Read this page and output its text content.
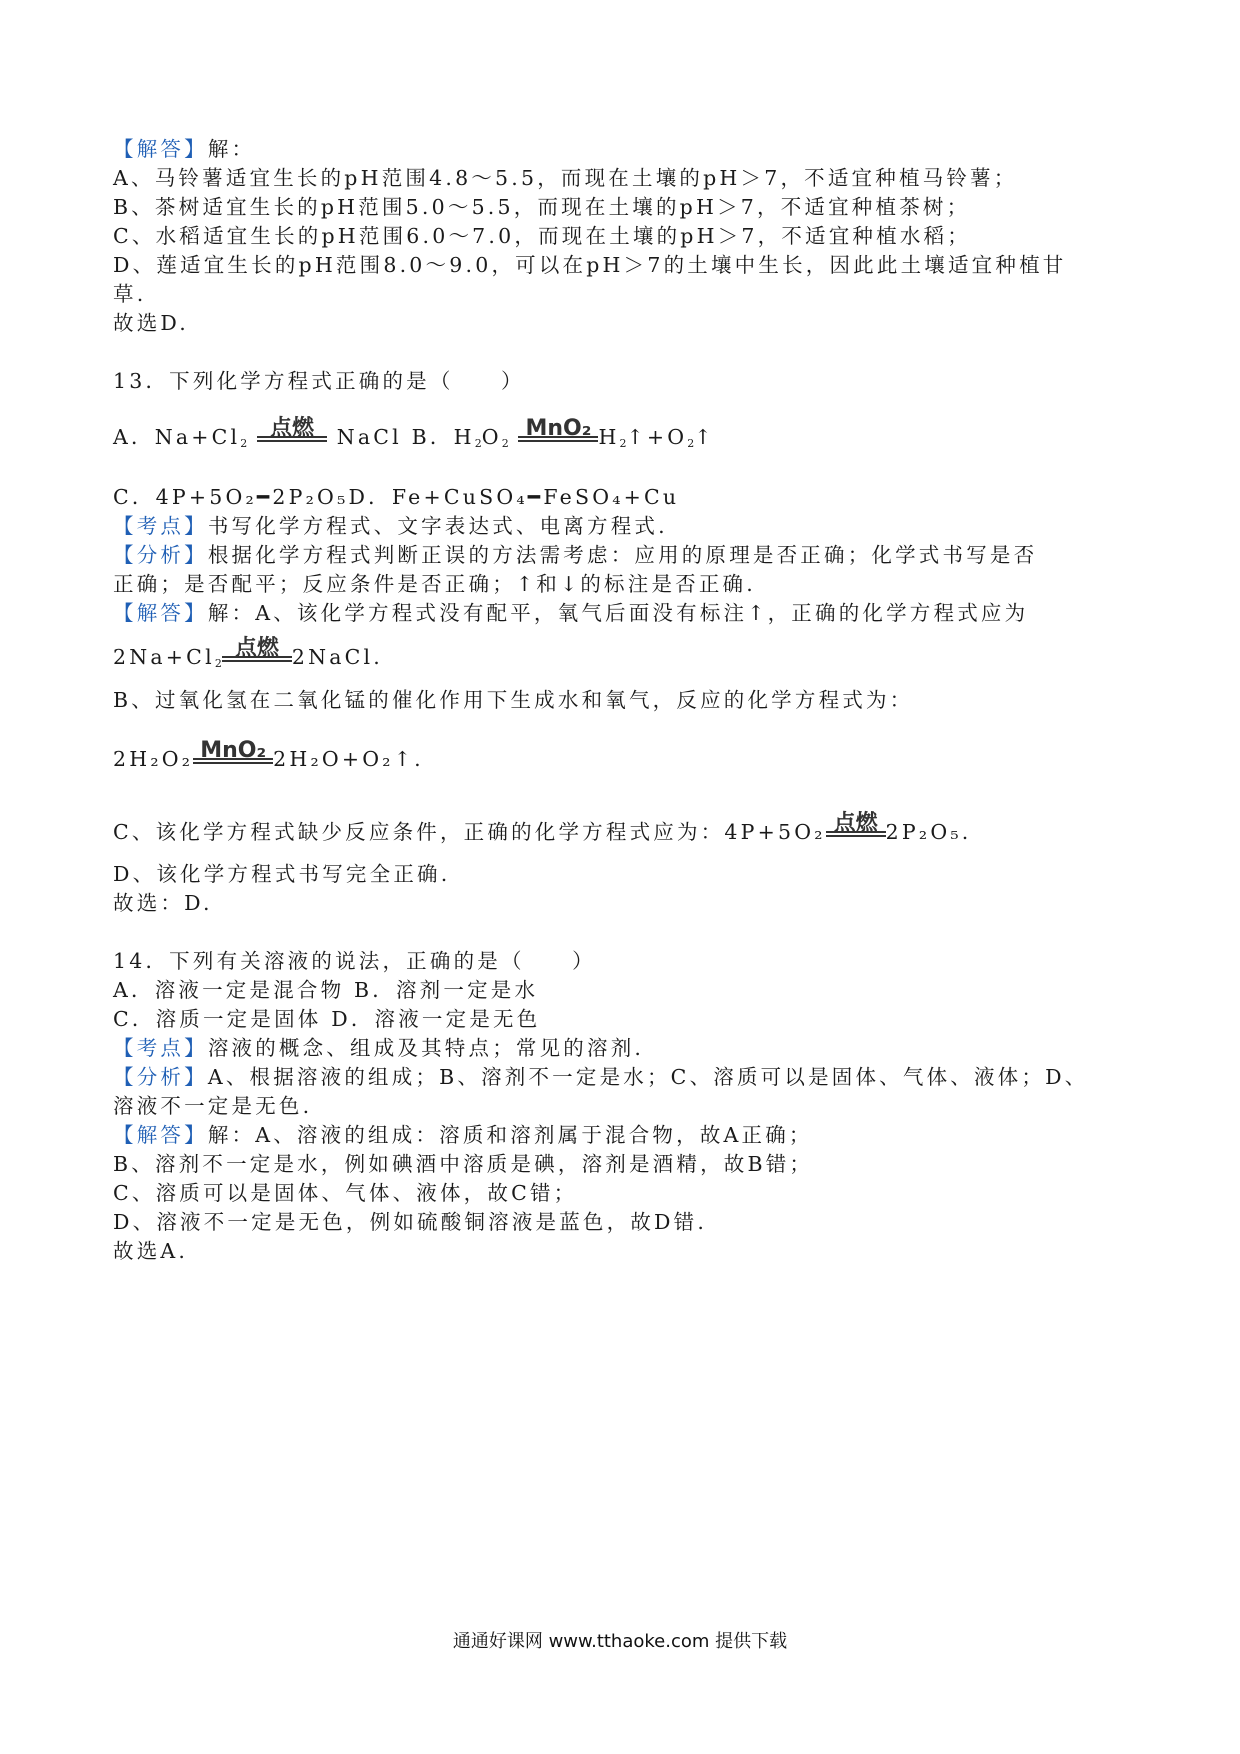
【解答】解：
A、马铃薯适宜生长的pH范围4.8～5.5，而现在土壤的pH＞7，不适宜种植马铃薯；
B、茶树适宜生长的pH范围5.0～5.5，而现在土壤的pH＞7，不适宜种植茶树；
C、水稻适宜生长的pH范围6.0～7.0，而现在土壤的pH＞7，不适宜种植水稻；
D、莲适宜生长的pH范围8.0～9.0，可以在pH＞7的土壤中生长，因此此土壤适宜种植甘
草.
故选D.
13．下列化学方程式正确的是（　　）
A．$Na+Cl_2$
点燃	NaCl B．$H_2O_2$
MnO₂ $H_2↑+O_2↑$
C．4P+5O₂━2P₂O₅D．Fe+CuSO₄━FeSO₄+Cu
【考点】书写化学方程式、文字表达式、电离方程式.
【分析】根据化学方程式判断正误的方法需考虑：应用的原理是否正确；化学式书写是否
正确；是否配平；反应条件是否正确；↑和↓的标注是否正确.
【解答】解：A、该化学方程式没有配平，氧气后面没有标注↑，正确的化学方程式应为
$2Na+Cl_2$
点燃 2NaCl.
B、过氧化氢在二氧化锰的催化作用下生成水和氧气，反应的化学方程式为：
2H₂O₂ MnO₂ 2H₂O+O₂↑.
C、该化学方程式缺少反应条件，正确的化学方程式应为：4P+5O₂ 点燃 2P₂O₅.
D、该化学方程式书写完全正确.
故选：D.
14．下列有关溶液的说法，正确的是（　　）
A．溶液一定是混合物 B．溶剂一定是水
C．溶质一定是固体 D．溶液一定是无色
【考点】溶液的概念、组成及其特点；常见的溶剂.
【分析】A、根据溶液的组成；B、溶剂不一定是水；C、溶质可以是固体、气体、液体；D、
溶液不一定是无色.
【解答】解：A、溶液的组成：溶质和溶剂属于混合物，故A正确；
B、溶剂不一定是水，例如碘酒中溶质是碘，溶剂是酒精，故B错；
C、溶质可以是固体、气体、液体，故C错；
D、溶液不一定是无色，例如硫酸铜溶液是蓝色，故D错.
故选A.
通通好课网 www.tthaoke.com 提供下载
